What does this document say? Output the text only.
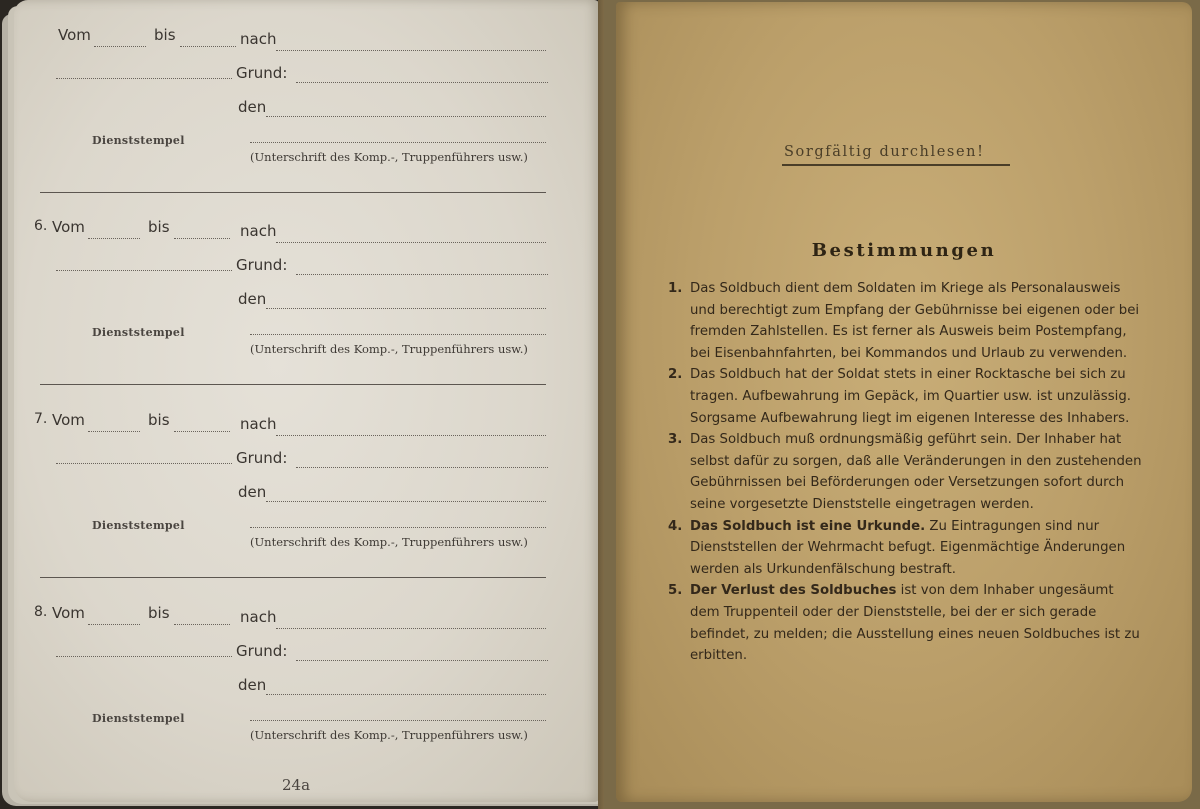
Vom	bis	nach
Grund:
den
Dienststempel
(Unterschrift des Komp.-, Truppenführers usw.)
6. Vom	bis	nach
Grund:
den
Dienststempel
(Unterschrift des Komp.-, Truppenführers usw.)
7. Vom	bis	nach
Grund:
den
Dienststempel
(Unterschrift des Komp.-, Truppenführers usw.)
8. Vom	bis	nach
Grund:
den
Dienststempel
(Unterschrift des Komp.-, Truppenführers usw.)
24a
Sorgfältig durchlesen!
Bestimmungen
1. Das Soldbuch dient dem Soldaten im Kriege als Personalausweis und berechtigt zum Empfang der Gebührnisse bei eigenen oder bei fremden Zahlstellen. Es ist ferner als Ausweis beim Postempfang, bei Eisenbahnfahrten, bei Kommandos und Urlaub zu verwenden.
2. Das Soldbuch hat der Soldat stets in einer Rocktasche bei sich zu tragen. Aufbewahrung im Gepäck, im Quartier usw. ist unzulässig. Sorgsame Aufbewahrung liegt im eigenen Interesse des Inhabers.
3. Das Soldbuch muß ordnungsmäßig geführt sein. Der Inhaber hat selbst dafür zu sorgen, daß alle Veränderungen in den zustehenden Gebührnissen bei Beförderungen oder Versetzungen sofort durch seine vorgesetzte Dienststelle eingetragen werden.
4. Das Soldbuch ist eine Urkunde. Zu Eintragungen sind nur Dienststellen der Wehrmacht befugt. Eigenmächtige Änderungen werden als Urkundenfälschung bestraft.
5. Der Verlust des Soldbuches ist von dem Inhaber ungesäumt dem Truppenteil oder der Dienststelle, bei der er sich gerade befindet, zu melden; die Ausstellung eines neuen Soldbuches ist zu erbitten.
